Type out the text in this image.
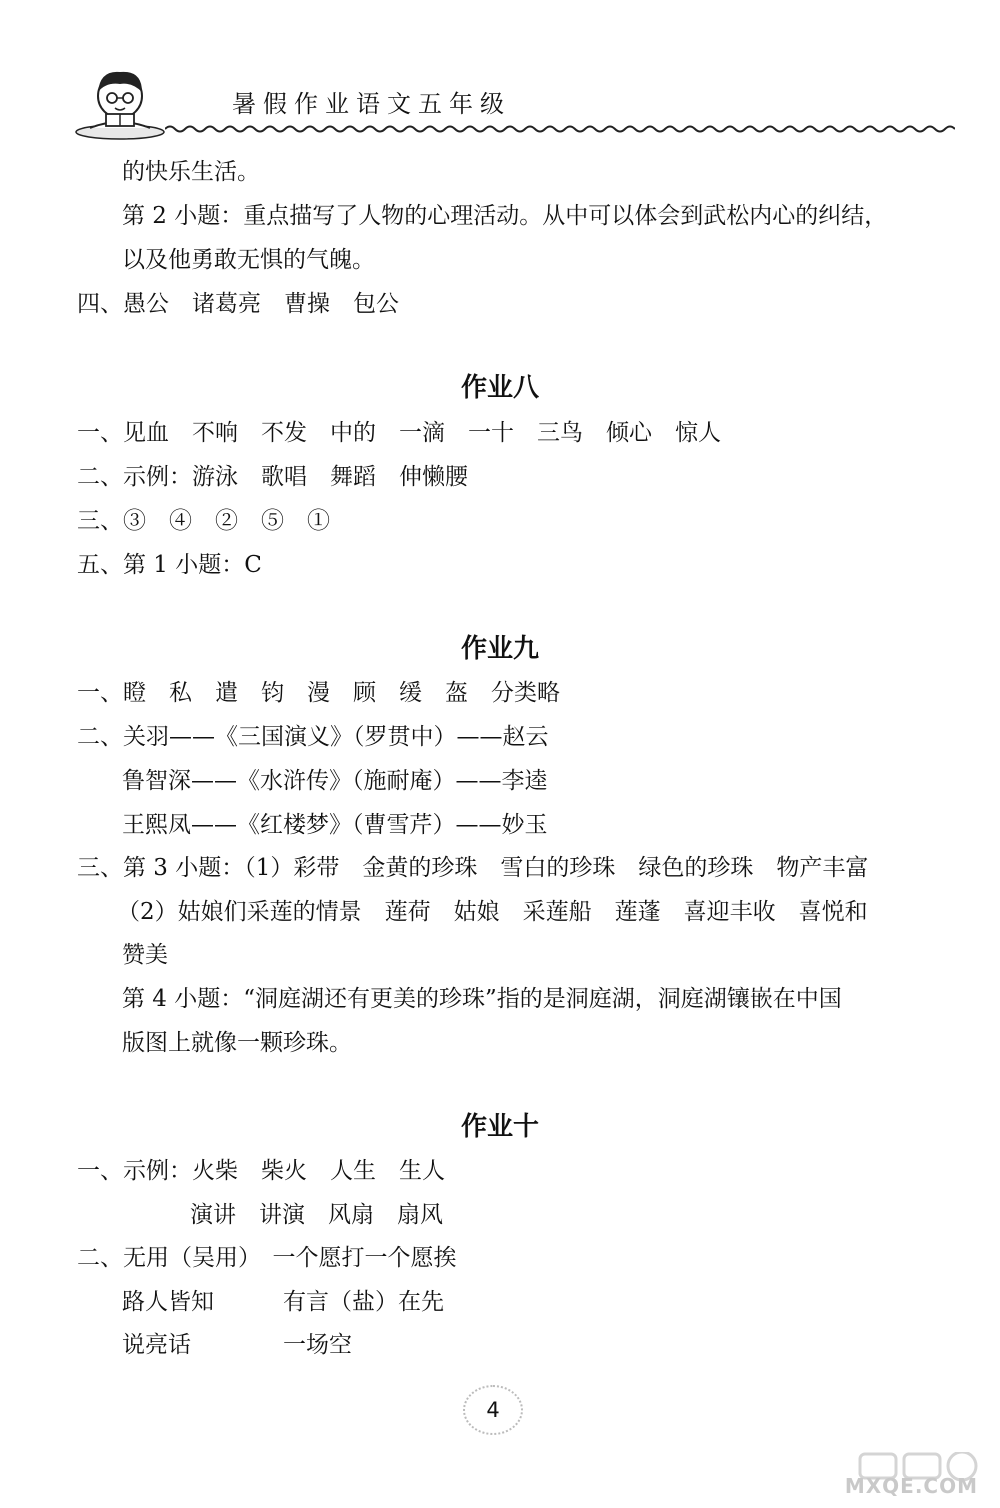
暑假作业语文五年级
的快乐生活。
第 2 小题：重点描写了人物的心理活动。从中可以体会到武松内心的纠结，
以及他勇敢无惧的气魄。
四、愚公　诸葛亮　曹操　包公
作业八
一、见血　不响　不发　中的　一滴　一十　三鸟　倾心　惊人
二、示例：游泳　歌唱　舞蹈　伸懒腰
三、③　④　②　⑤　①
五、第 1 小题：C
作业九
一、瞪　私　遣　钧　漫　顾　缓　盔　分类略
二、关羽——《三国演义》（罗贯中）——赵云
鲁智深——《水浒传》（施耐庵）——李逵
王熙凤——《红楼梦》（曹雪芹）——妙玉
三、第 3 小题：（1）彩带　金黄的珍珠　雪白的珍珠　绿色的珍珠　物产丰富
（2）姑娘们采莲的情景　莲荷　姑娘　采莲船　莲蓬　喜迎丰收　喜悦和
赞美
第 4 小题：“洞庭湖还有更美的珍珠”指的是洞庭湖，洞庭湖镶嵌在中国
版图上就像一颗珍珠。
作业十
一、示例：火柴　柴火　人生　生人
演讲　讲演　风扇　扇风
二、无用（吴用）　一个愿打一个愿挨
路人皆知　　　有言（盐）在先
说亮话　　　　一场空
4
MXQE.COM
